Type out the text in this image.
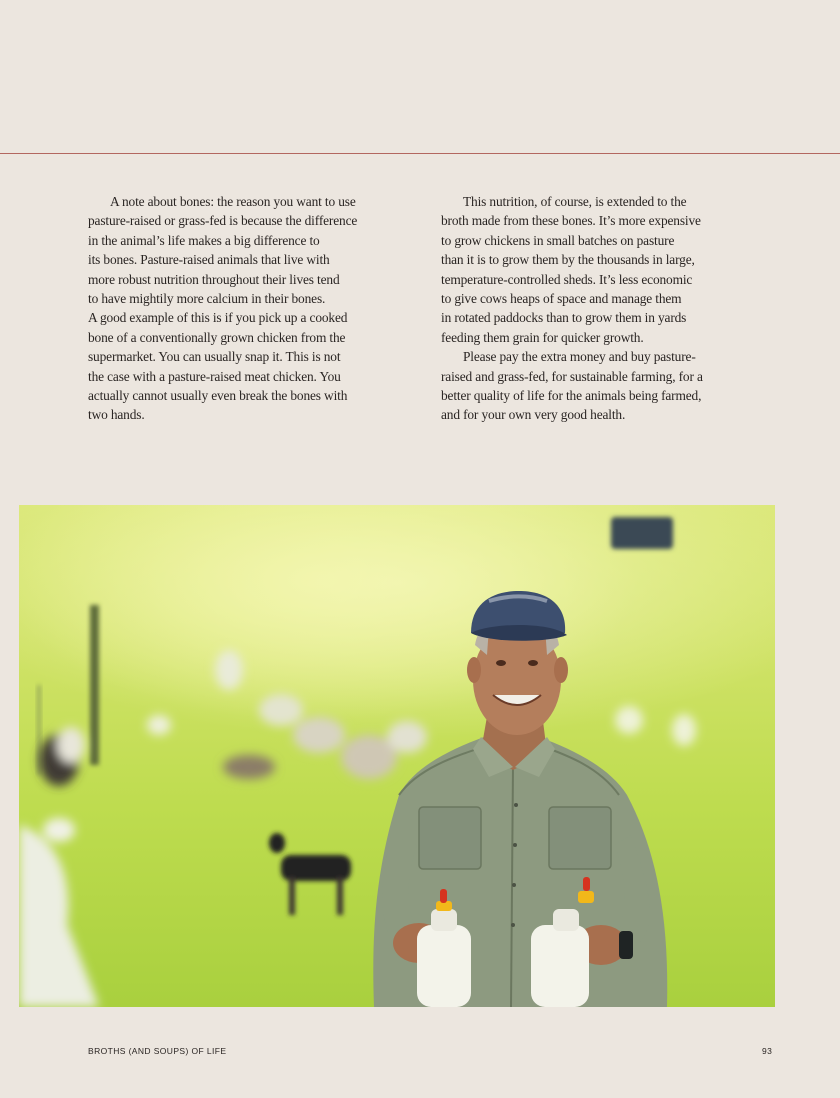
A note about bones: the reason you want to use
pasture-raised or grass-fed is because the difference
in the animal’s life makes a big difference to
its bones. Pasture-raised animals that live with
more robust nutrition throughout their lives tend
to have mightily more calcium in their bones.
A good example of this is if you pick up a cooked
bone of a conventionally grown chicken from the
supermarket. You can usually snap it. This is not
the case with a pasture-raised meat chicken. You
actually cannot usually even break the bones with
two hands.
This nutrition, of course, is extended to the
broth made from these bones. It’s more expensive
to grow chickens in small batches on pasture
than it is to grow them by the thousands in large,
temperature-controlled sheds. It’s less economic
to give cows heaps of space and manage them
in rotated paddocks than to grow them in yards
feeding them grain for quicker growth.
Please pay the extra money and buy pasture-
raised and grass-fed, for sustainable farming, for a
better quality of life for the animals being farmed,
and for your own very good health.
BROTHS (AND SOUPS) OF LIFE	93
